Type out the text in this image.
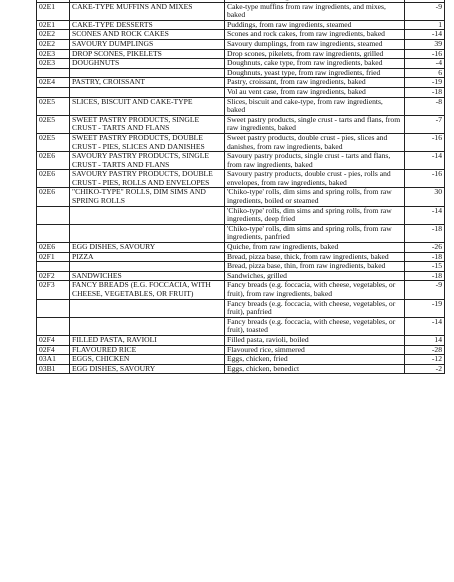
02E1	CAKE-TYPE MUFFINS AND MIXES	Cake-type muffins from raw ingredients, and mixes, baked	-9
02E1	CAKE-TYPE DESSERTS	Puddings, from raw ingredients, steamed	1
02E2	SCONES AND ROCK CAKES	Scones and rock cakes, from raw ingredients, baked	-14
02E2	SAVOURY DUMPLINGS	Savoury dumplings, from raw ingredients, steamed	39
02E3	DROP SCONES, PIKELETS	Drop scones, pikelets, from raw ingredients, grilled	-16
02E3	DOUGHNUTS	Doughnuts, cake type, from raw ingredients, baked	-4
		Doughnuts, yeast type, from raw ingredients, fried	6
02E4	PASTRY, CROISSANT	Pastry, croissant, from raw ingredients, baked	-19
		Vol au vent case, from raw ingredients, baked	-18
02E5	SLICES, BISCUIT AND CAKE-TYPE	Slices, biscuit and cake-type, from raw ingredients, baked	-8
02E5	SWEET PASTRY PRODUCTS, SINGLE CRUST - TARTS AND FLANS	Sweet pastry products, single crust - tarts and flans, from raw ingredients, baked	-7
02E5	SWEET PASTRY PRODUCTS, DOUBLE CRUST - PIES, SLICES AND DANISHES	Sweet pastry products, double crust - pies, slices and danishes, from raw ingredients, baked	-16
02E6	SAVOURY PASTRY PRODUCTS, SINGLE CRUST - TARTS AND FLANS	Savoury pastry products, single crust - tarts and flans, from raw ingredients, baked	-14
02E6	SAVOURY PASTRY PRODUCTS, DOUBLE CRUST - PIES, ROLLS AND ENVELOPES	Savoury pastry products, double crust - pies, rolls and envelopes, from raw ingredients, baked	-16
02E6	"CHIKO-TYPE" ROLLS, DIM SIMS AND SPRING ROLLS	'Chiko-type' rolls, dim sims and spring rolls, from raw ingredients, boiled or steamed	30
		'Chiko-type' rolls, dim sims and spring rolls, from raw ingredients, deep fried	-14
		'Chiko-type' rolls, dim sims and spring rolls, from raw ingredients, panfried	-18
02E6	EGG DISHES, SAVOURY	Quiche, from raw ingredients, baked	-26
02F1	PIZZA	Bread, pizza base, thick, from raw ingredients, baked	-18
		Bread, pizza base, thin, from raw ingredients, baked	-15
02F2	SANDWICHES	Sandwiches, grilled	-18
02F3	FANCY BREADS (E.G. FOCCACIA, WITH CHEESE, VEGETABLES, OR FRUIT)	Fancy breads (e.g. foccacia, with cheese, vegetables, or fruit), from raw ingredients, baked	-9
		Fancy breads (e.g. foccacia, with cheese, vegetables, or fruit), panfried	-19
		Fancy breads (e.g. foccacia, with cheese, vegetables, or fruit), toasted	-14
02F4	FILLED PASTA, RAVIOLI	Filled pasta, ravioli, boiled	14
02F4	FLAVOURED RICE	Flavoured rice, simmered	-28
03A1	EGGS, CHICKEN	Eggs, chicken, fried	-12
03B1	EGG DISHES, SAVOURY	Eggs, chicken, benedict	-2
